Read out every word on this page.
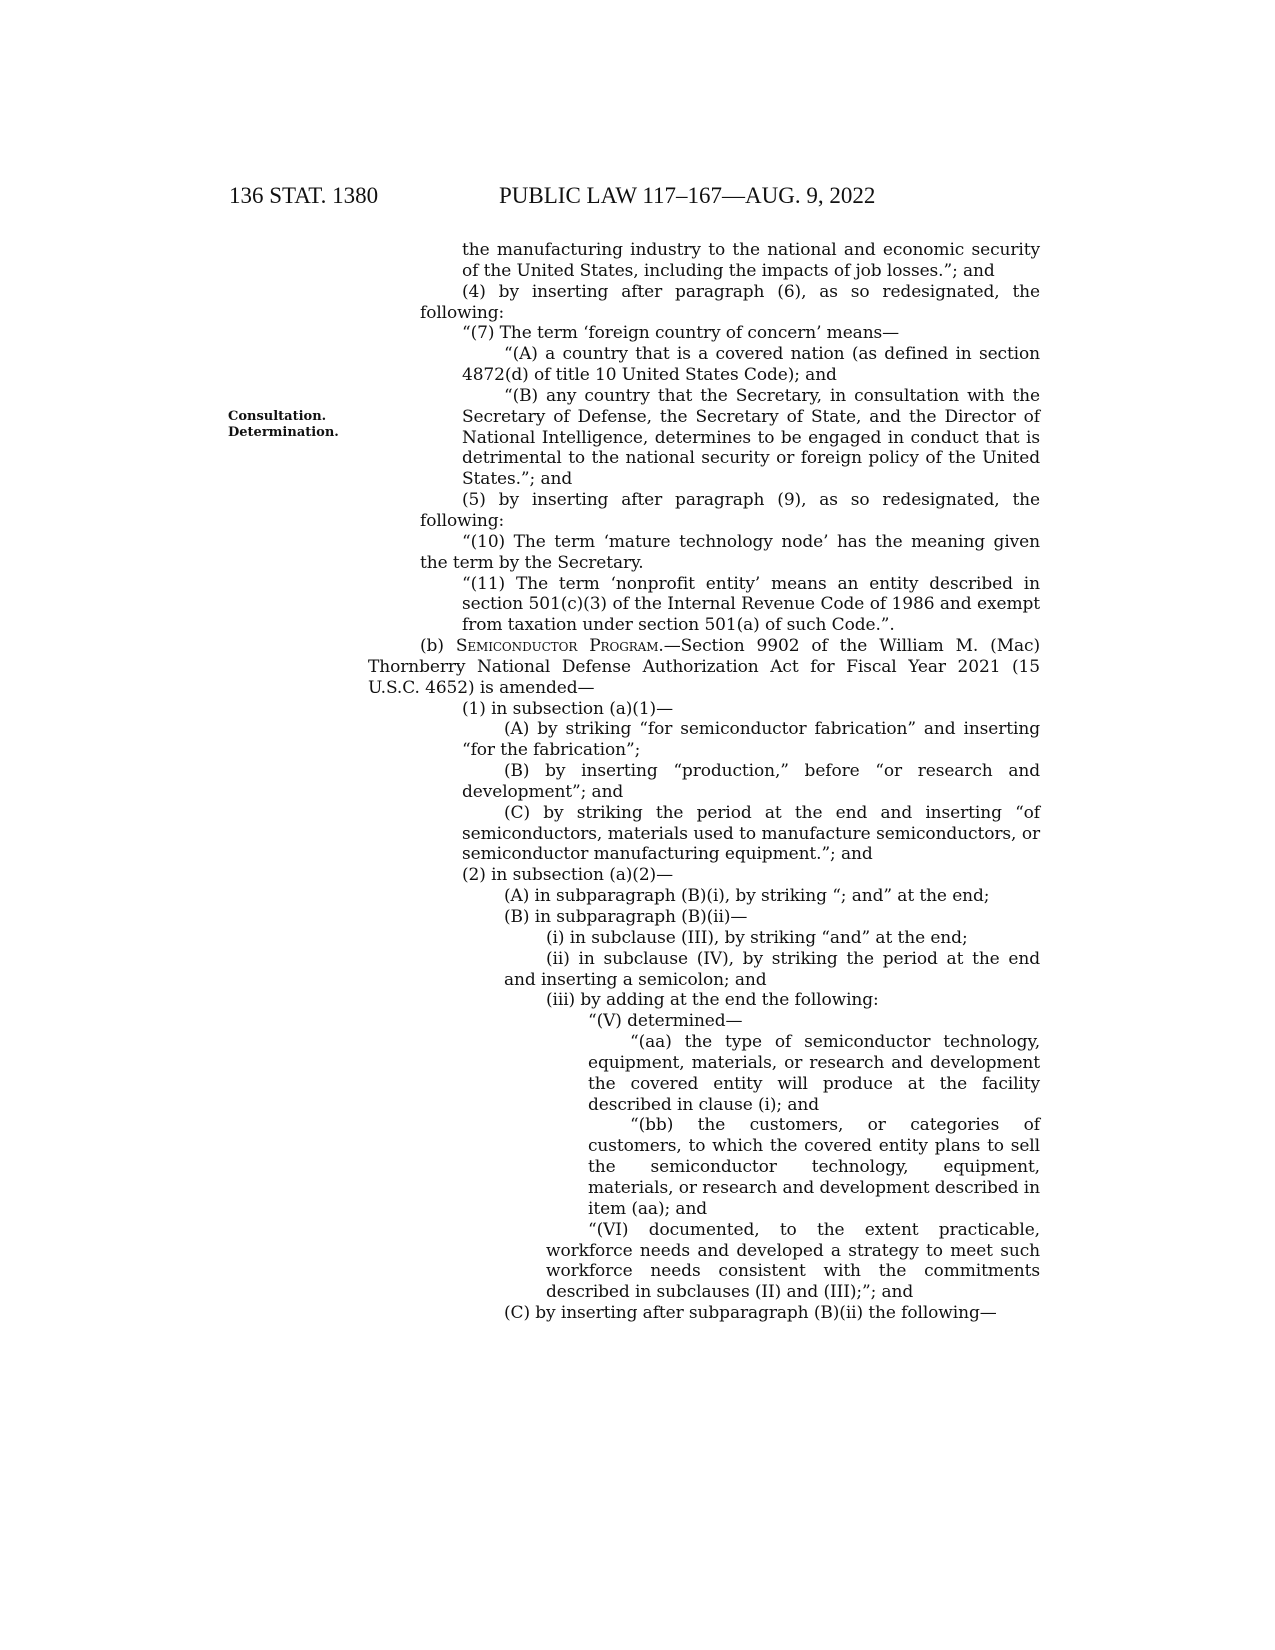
136 STAT. 1380	PUBLIC LAW 117–167—AUG. 9, 2022
Consultation.
Determination.

the manufacturing industry to the national and economic security of the United States, including the impacts of job losses.”; and

(4) by inserting after paragraph (6), as so redesignated, the following:

“(7) The term ‘foreign country of concern’ means—

“(A) a country that is a covered nation (as defined in section 4872(d) of title 10 United States Code); and

“(B) any country that the Secretary, in consultation with the Secretary of Defense, the Secretary of State, and the Director of National Intelligence, determines to be engaged in conduct that is detrimental to the national security or foreign policy of the United States.”; and

(5) by inserting after paragraph (9), as so redesignated, the following:

“(10) The term ‘mature technology node’ has the meaning given the term by the Secretary.

“(11) The term ‘nonprofit entity’ means an entity described in section 501(c)(3) of the Internal Revenue Code of 1986 and exempt from taxation under section 501(a) of such Code.”.

(b) Semiconductor Program.—Section 9902 of the William M. (Mac) Thornberry National Defense Authorization Act for Fiscal Year 2021 (15 U.S.C. 4652) is amended—

(1) in subsection (a)(1)—

(A) by striking “for semiconductor fabrication” and inserting “for the fabrication”;

(B) by inserting “production,” before “or research and development”; and

(C) by striking the period at the end and inserting “of semiconductors, materials used to manufacture semiconductors, or semiconductor manufacturing equipment.”; and

(2) in subsection (a)(2)—

(A) in subparagraph (B)(i), by striking “; and” at the end;

(B) in subparagraph (B)(ii)—

(i) in subclause (III), by striking “and” at the end;

(ii) in subclause (IV), by striking the period at the end and inserting a semicolon; and

(iii) by adding at the end the following:

“(V) determined—

“(aa) the type of semiconductor technology, equipment, materials, or research and development the covered entity will produce at the facility described in clause (i); and

“(bb) the customers, or categories of customers, to which the covered entity plans to sell the semiconductor technology, equipment, materials, or research and development described in item (aa); and

“(VI) documented, to the extent practicable, workforce needs and developed a strategy to meet such workforce needs consistent with the commitments described in subclauses (II) and (III);”; and

(C) by inserting after subparagraph (B)(ii) the following—
